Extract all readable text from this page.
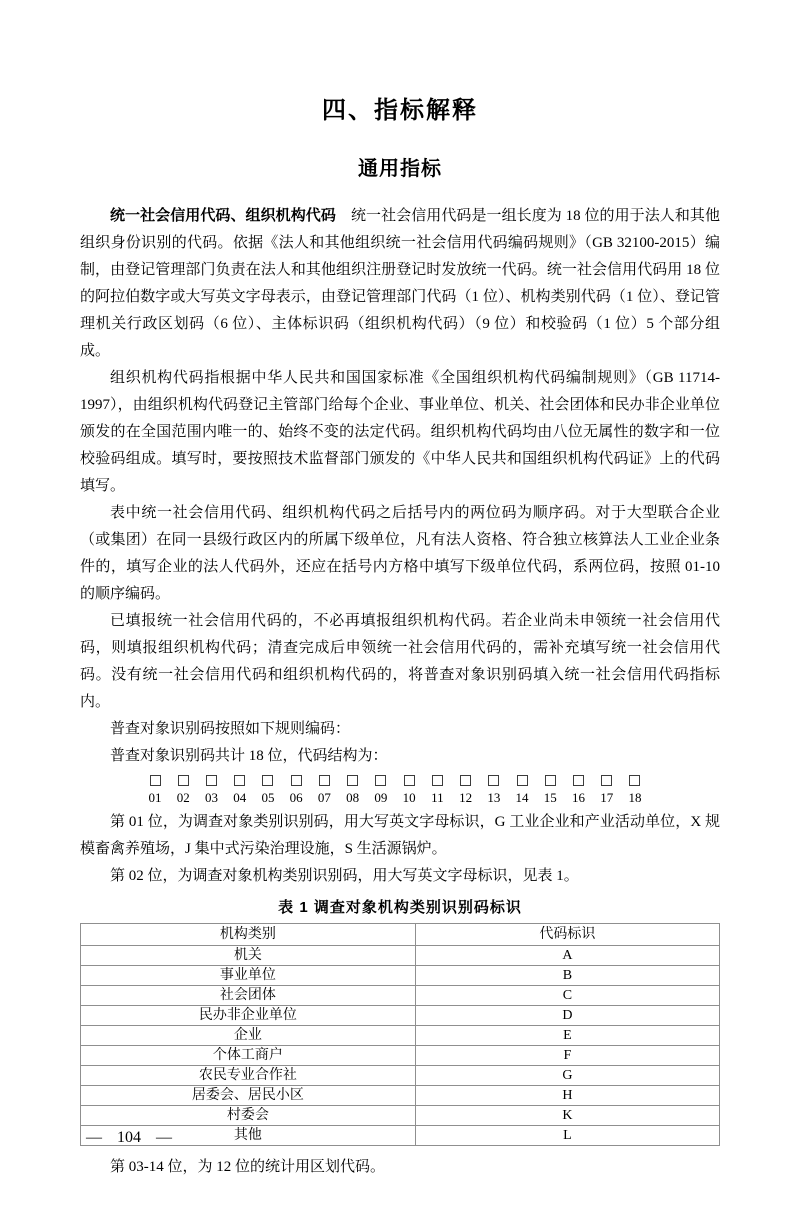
四、指标解释
通用指标

统一社会信用代码、组织机构代码　统一社会信用代码是一组长度为 18 位的用于法人和其他组织身份识别的代码。依据《法人和其他组织统一社会信用代码编码规则》（GB 32100-2015）编制，由登记管理部门负责在法人和其他组织注册登记时发放统一代码。统一社会信用代码用 18 位的阿拉伯数字或大写英文字母表示，由登记管理部门代码（1 位）、机构类别代码（1 位）、登记管理机关行政区划码（6 位）、主体标识码（组织机构代码）（9 位）和校验码（1 位）5 个部分组成。

组织机构代码指根据中华人民共和国国家标准《全国组织机构代码编制规则》（GB 11714-1997），由组织机构代码登记主管部门给每个企业、事业单位、机关、社会团体和民办非企业单位颁发的在全国范围内唯一的、始终不变的法定代码。组织机构代码均由八位无属性的数字和一位校验码组成。填写时，要按照技术监督部门颁发的《中华人民共和国组织机构代码证》上的代码填写。

表中统一社会信用代码、组织机构代码之后括号内的两位码为顺序码。对于大型联合企业（或集团）在同一县级行政区内的所属下级单位，凡有法人资格、符合独立核算法人工业企业条件的，填写企业的法人代码外，还应在括号内方格中填写下级单位代码，系两位码，按照 01-10 的顺序编码。

已填报统一社会信用代码的，不必再填报组织机构代码。若企业尚未申领统一社会信用代码，则填报组织机构代码；清查完成后申领统一社会信用代码的，需补充填写统一社会信用代码。没有统一社会信用代码和组织机构代码的，将普查对象识别码填入统一社会信用代码指标内。

普查对象识别码按照如下规则编码：

普查对象识别码共计 18 位，代码结构为：

01 02 03 04 05 06 07 08 09 10 11 12 13 14 15 16 17 18

第 01 位，为调查对象类别识别码，用大写英文字母标识，G 工业企业和产业活动单位，X 规模畜禽养殖场，J 集中式污染治理设施，S 生活源锅炉。

第 02 位，为调查对象机构类别识别码，用大写英文字母标识，见表 1。

表 1 调查对象机构类别识别码标识
机构类别	代码标识
机关	A
事业单位	B
社会团体	C
民办非企业单位	D
企业	E
个体工商户	F
农民专业合作社	G
居委会、居民小区	H
村委会	K
其他	L

第 03-14 位，为 12 位的统计用区划代码。

— 104 —
